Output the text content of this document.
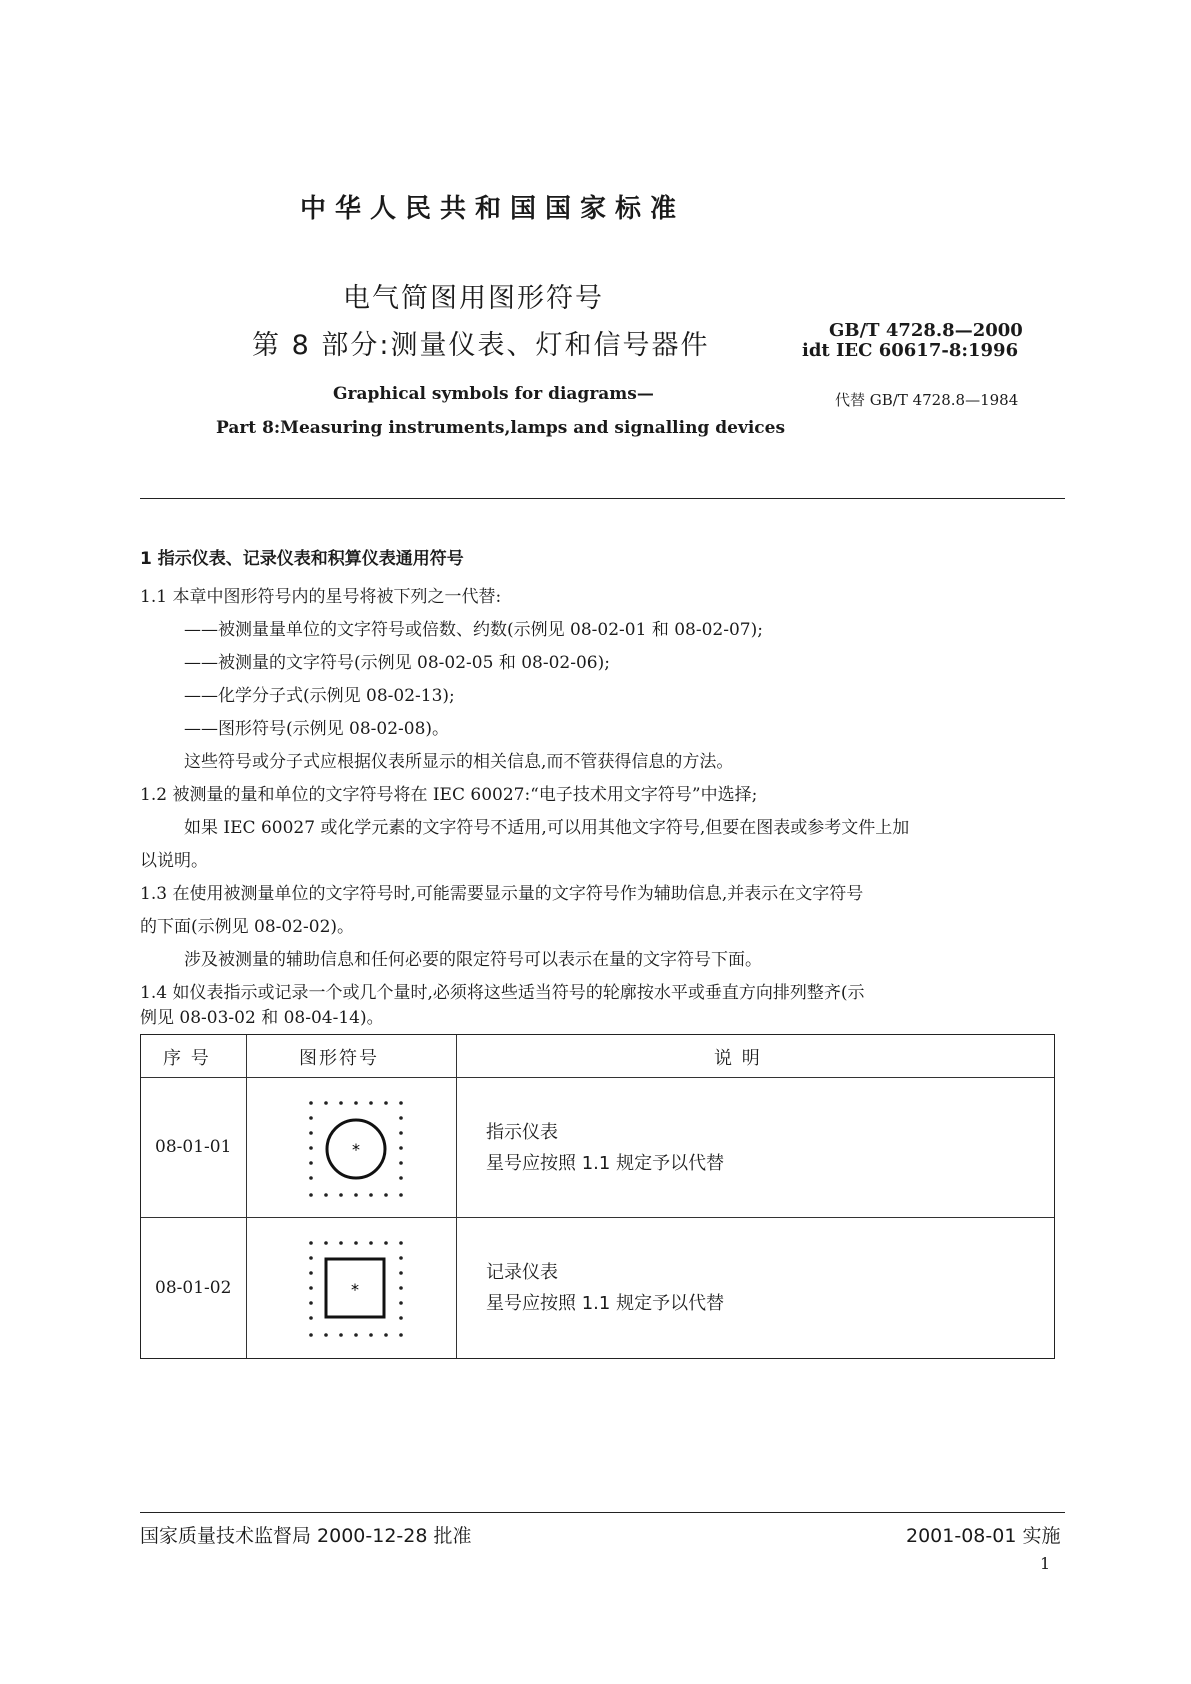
中华人民共和国国家标准
电气简图用图形符号
第 8 部分:测量仪表、灯和信号器件	GB/T 4728.8—2000
idt IEC 60617-8:1996
代替 GB/T 4728.8—1984
Graphical symbols for diagrams—
Part 8:Measuring instruments,lamps and signalling devices
1 指示仪表、记录仪表和积算仪表通用符号
1.1 本章中图形符号内的星号将被下列之一代替:
——被测量量单位的文字符号或倍数、约数(示例见 08-02-01 和 08-02-07);
——被测量的文字符号(示例见 08-02-05 和 08-02-06);
——化学分子式(示例见 08-02-13);
——图形符号(示例见 08-02-08)。
这些符号或分子式应根据仪表所显示的相关信息,而不管获得信息的方法。
1.2 被测量的量和单位的文字符号将在 IEC 60027:“电子技术用文字符号”中选择;
如果 IEC 60027 或化学元素的文字符号不适用,可以用其他文字符号,但要在图表或参考文件上加
以说明。
1.3 在使用被测量单位的文字符号时,可能需要显示量的文字符号作为辅助信息,并表示在文字符号
的下面(示例见 08-02-02)。
涉及被测量的辅助信息和任何必要的限定符号可以表示在量的文字符号下面。
1.4 如仪表指示或记录一个或几个量时,必须将这些适当符号的轮廓按水平或垂直方向排列整齐(示
例见 08-03-02 和 08-04-14)。
序 号	图形符号	说 明
08-01-01	*
指示仪表
星号应按照 1.1 规定予以代替
08-01-02	*
记录仪表
星号应按照 1.1 规定予以代替
国家质量技术监督局 2000-12-28 批准	2001-08-01 实施
1
